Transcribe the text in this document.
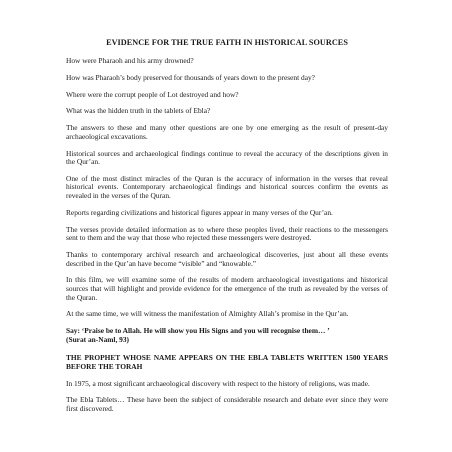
EVIDENCE FOR THE TRUE FAITH IN HISTORICAL SOURCES

How were Pharaoh and his army drowned?

How was Pharaoh’s body preserved for thousands of years down to the present day?

Where were the corrupt people of Lot destroyed and how?

What was the hidden truth in the tablets of Ebla?

The answers to these and many other questions are one by one emerging as the result of present-day archaeological excavations.

Historical sources and archaeological findings continue to reveal the accuracy of the descriptions given in the Qur’an.

One of the most distinct miracles of the Quran is the accuracy of information in the verses that reveal historical events. Contemporary archaeological findings and historical sources confirm the events as revealed in the verses of the Quran.

Reports regarding civilizations and historical figures appear in many verses of the Qur’an.

The verses provide detailed information as to where these peoples lived, their reactions to the messengers sent to them and the way that those who rejected these messengers were destroyed.

Thanks to contemporary archival research and archaeological discoveries, just about all these events described in the Qur’an have become “visible” and “knowable.”

In this film, we will examine some of the results of modern archaeological investigations and historical sources that will highlight and provide evidence for the emergence of the truth as revealed by the verses of the Quran.

At the same time, we will witness the manifestation of Almighty Allah’s promise in the Qur’an.

Say: ‘Praise be to Allah. He will show you His Signs and you will recognise them… ’

(Surat an-Naml, 93)

THE PROPHET WHOSE NAME APPEARS ON THE EBLA TABLETS WRITTEN 1500 YEARS BEFORE THE TORAH

In 1975, a most significant archaeological discovery with respect to the history of religions, was made.

The Ebla Tablets… These have been the subject of considerable research and debate ever since they were first discovered.
